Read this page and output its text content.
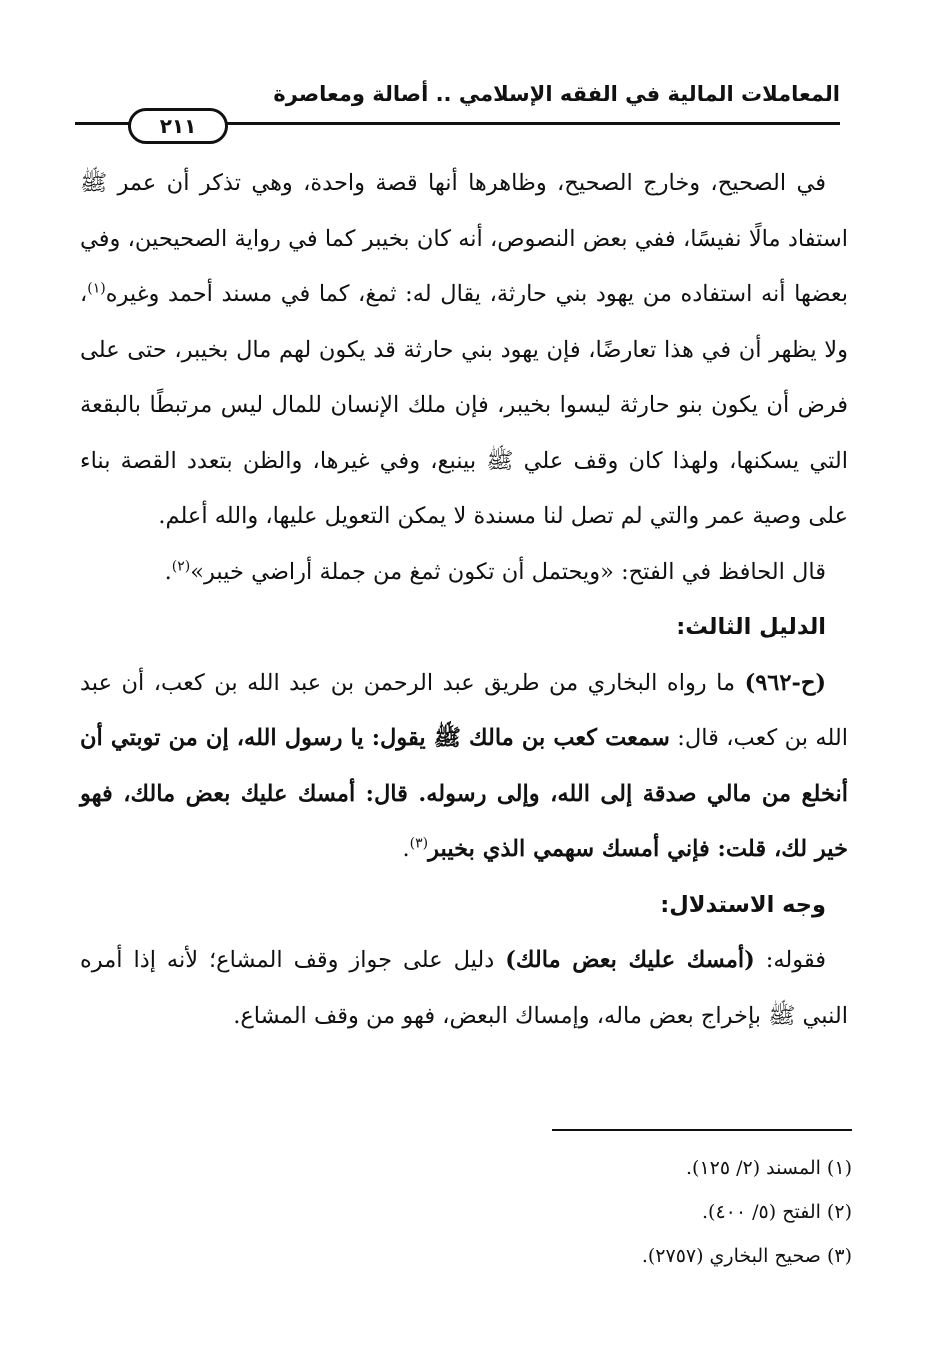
المعاملات المالية في الفقه الإسلامي .. أصالة ومعاصرة
٢١١

في الصحيح، وخارج الصحيح، وظاهرها أنها قصة واحدة، وهي تذكر أن عمر ﷺ استفاد مالًا نفيسًا، ففي بعض النصوص، أنه كان بخيبر كما في رواية الصحيحين، وفي بعضها أنه استفاده من يهود بني حارثة، يقال له: ثمغ، كما في مسند أحمد وغيره$^{(١)}$، ولا يظهر أن في هذا تعارضًا، فإن يهود بني حارثة قد يكون لهم مال بخيبر، حتى على فرض أن يكون بنو حارثة ليسوا بخيبر، فإن ملك الإنسان للمال ليس مرتبطًا بالبقعة التي يسكنها، ولهذا كان وقف علي ﷺ بينبع، وفي غيرها، والظن بتعدد القصة بناء على وصية عمر والتي لم تصل لنا مسندة لا يمكن التعويل عليها، والله أعلم.

قال الحافظ في الفتح: «ويحتمل أن تكون ثمغ من جملة أراضي خيبر»$^{(٢)}$.

الدليل الثالث:

(ح-٩٦٢) ما رواه البخاري من طريق عبد الرحمن بن عبد الله بن كعب، أن عبد الله بن كعب، قال: سمعت كعب بن مالك ﷺ يقول: يا رسول الله، إن من توبتي أن أنخلع من مالي صدقة إلى الله، وإلى رسوله. قال: أمسك عليك بعض مالك، فهو خير لك، قلت: فإني أمسك سهمي الذي بخيبر$^{(٣)}$.

وجه الاستدلال:

فقوله: (أمسك عليك بعض مالك) دليل على جواز وقف المشاع؛ لأنه إذا أمره النبي ﷺ بإخراج بعض ماله، وإمساك البعض، فهو من وقف المشاع.

(١) المسند (٢/ ١٢٥).
(٢) الفتح (٥/ ٤٠٠).
(٣) صحيح البخاري (٢٧٥٧).
